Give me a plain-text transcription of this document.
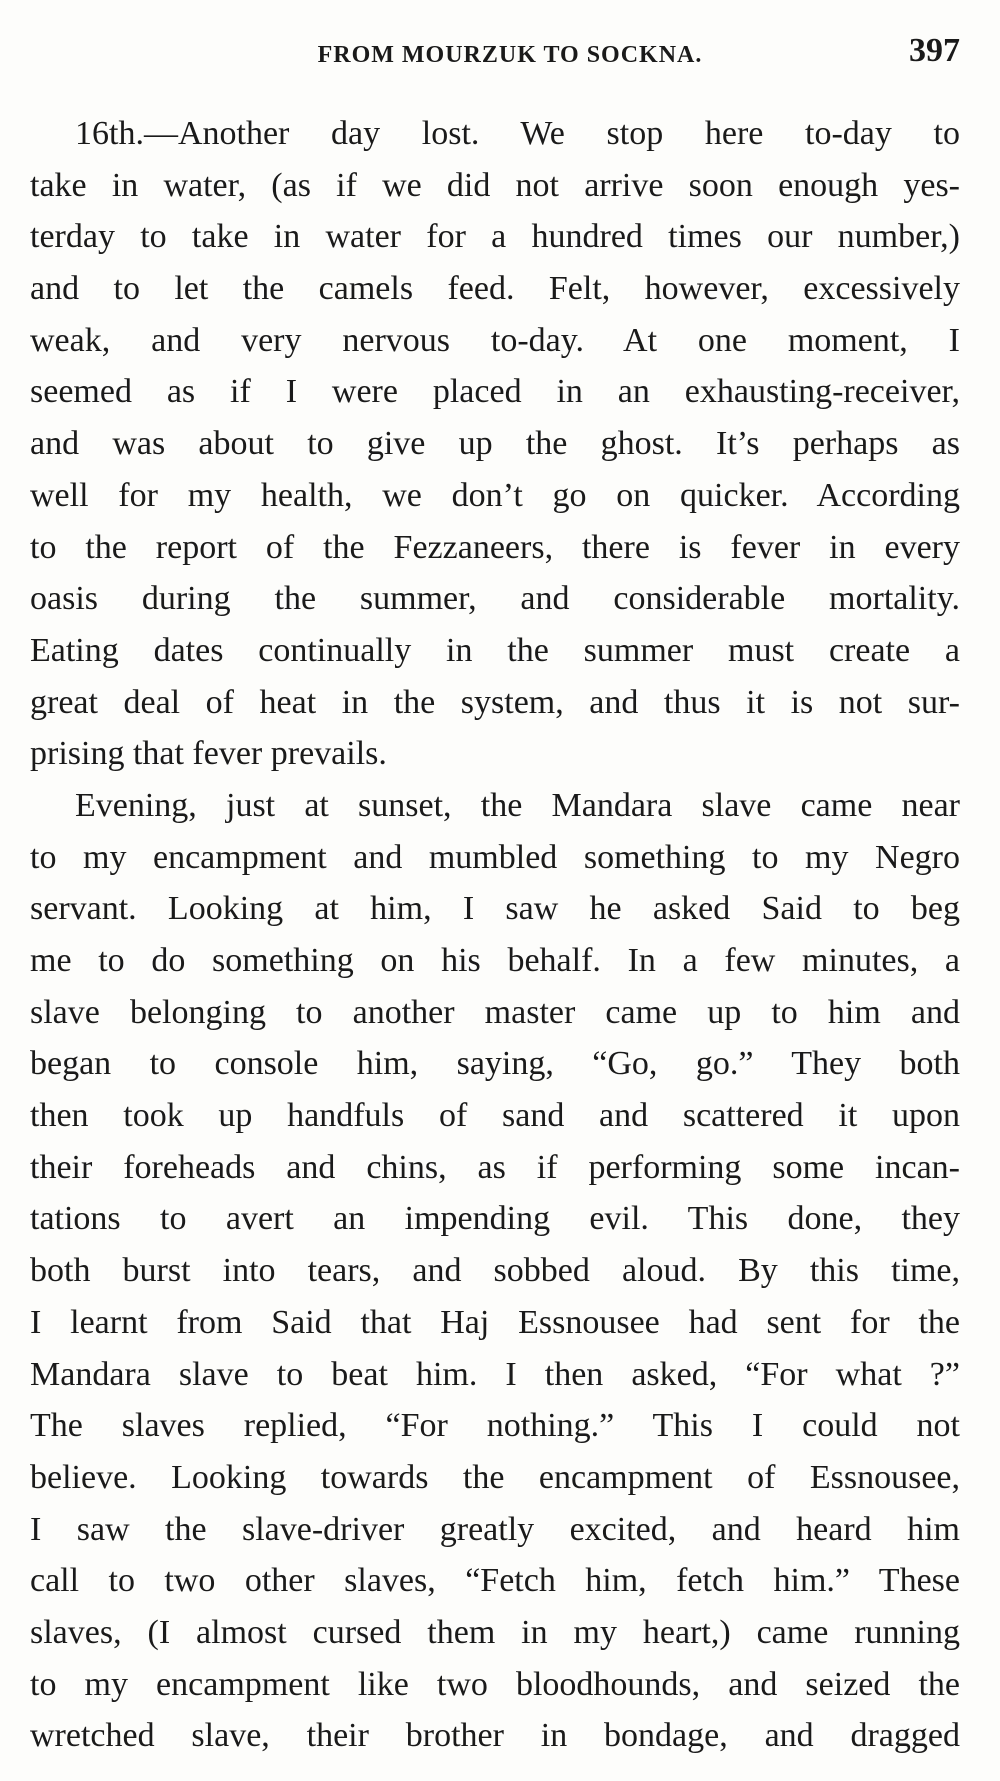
FROM MOURZUK TO SOCKNA.	397
16th.—Another day lost. We stop here to-day to
take in water, (as if we did not arrive soon enough yes-
terday to take in water for a hundred times our number,)
and to let the camels feed. Felt, however, excessively
weak, and very nervous to-day. At one moment, I
seemed as if I were placed in an exhausting-receiver,
and was about to give up the ghost. It’s perhaps as
well for my health, we don’t go on quicker. According
to the report of the Fezzaneers, there is fever in every
oasis during the summer, and considerable mortality.
Eating dates continually in the summer must create a
great deal of heat in the system, and thus it is not sur-
prising that fever prevails.
Evening, just at sunset, the Mandara slave came near
to my encampment and mumbled something to my Negro
servant. Looking at him, I saw he asked Said to beg
me to do something on his behalf. In a few minutes, a
slave belonging to another master came up to him and
began to console him, saying, “Go, go.” They both
then took up handfuls of sand and scattered it upon
their foreheads and chins, as if performing some incan-
tations to avert an impending evil. This done, they
both burst into tears, and sobbed aloud. By this time,
I learnt from Said that Haj Essnousee had sent for the
Mandara slave to beat him. I then asked, “For what ?”
The slaves replied, “For nothing.” This I could not
believe. Looking towards the encampment of Essnousee,
I saw the slave-driver greatly excited, and heard him
call to two other slaves, “Fetch him, fetch him.” These
slaves, (I almost cursed them in my heart,) came running
to my encampment like two bloodhounds, and seized the
wretched slave, their brother in bondage, and dragged
